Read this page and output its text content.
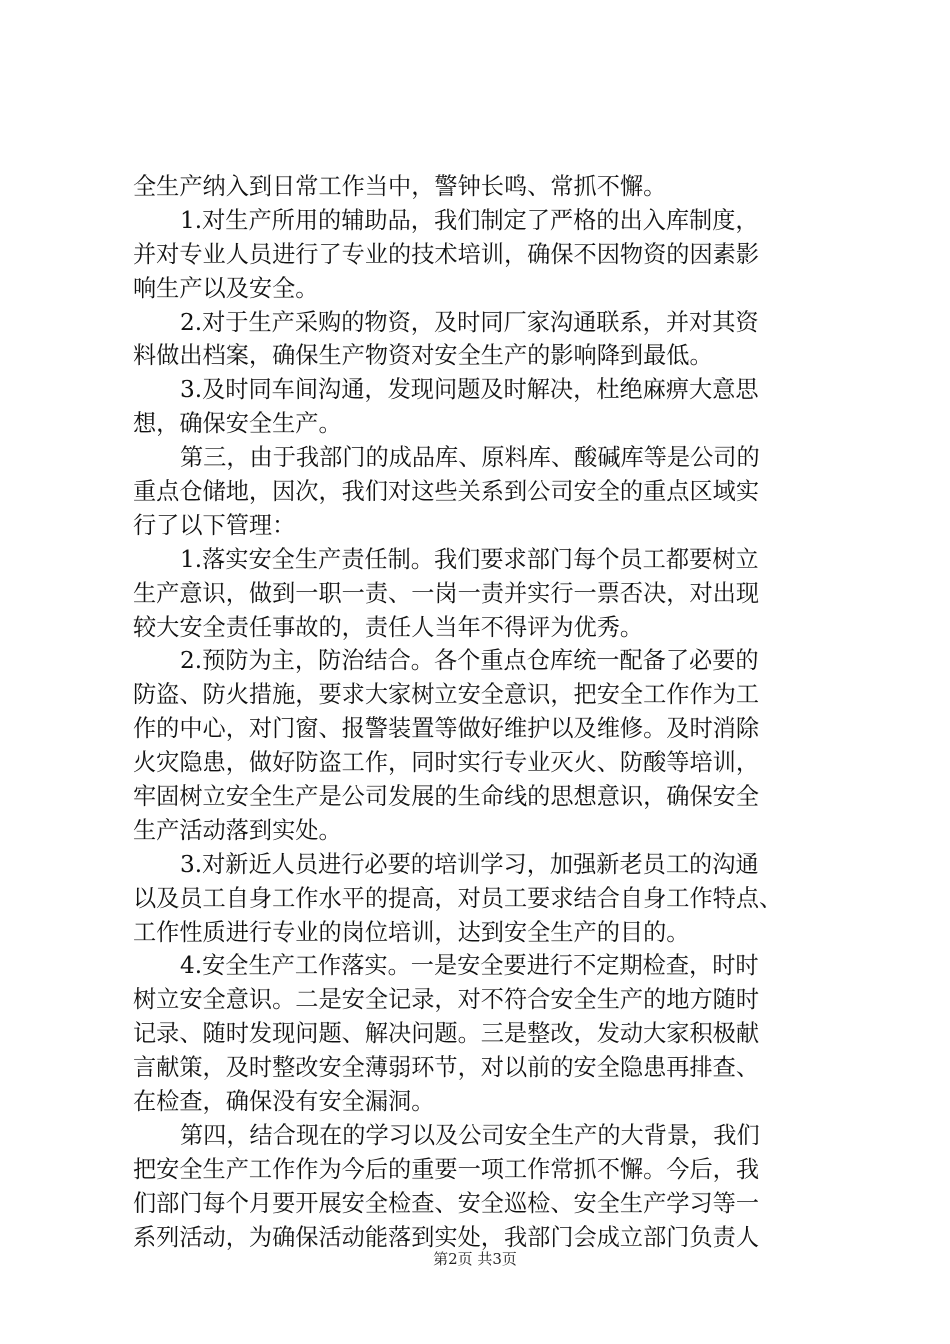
全生产纳入到日常工作当中，警钟长鸣、常抓不懈。
1.对生产所用的辅助品，我们制定了严格的出入库制度，
并对专业人员进行了专业的技术培训，确保不因物资的因素影
响生产以及安全。
2.对于生产采购的物资，及时同厂家沟通联系，并对其资
料做出档案，确保生产物资对安全生产的影响降到最低。
3.及时同车间沟通，发现问题及时解决，杜绝麻痹大意思
想，确保安全生产。
第三，由于我部门的成品库、原料库、酸碱库等是公司的
重点仓储地，因次，我们对这些关系到公司安全的重点区域实
行了以下管理：
1.落实安全生产责任制。我们要求部门每个员工都要树立
生产意识，做到一职一责、一岗一责并实行一票否决，对出现
较大安全责任事故的，责任人当年不得评为优秀。
2.预防为主，防治结合。各个重点仓库统一配备了必要的
防盗、防火措施，要求大家树立安全意识，把安全工作作为工
作的中心，对门窗、报警装置等做好维护以及维修。及时消除
火灾隐患，做好防盗工作，同时实行专业灭火、防酸等培训，
牢固树立安全生产是公司发展的生命线的思想意识，确保安全
生产活动落到实处。
3.对新近人员进行必要的培训学习，加强新老员工的沟通
以及员工自身工作水平的提高，对员工要求结合自身工作特点、
工作性质进行专业的岗位培训，达到安全生产的目的。
4.安全生产工作落实。一是安全要进行不定期检查，时时
树立安全意识。二是安全记录，对不符合安全生产的地方随时
记录、随时发现问题、解决问题。三是整改，发动大家积极献
言献策，及时整改安全薄弱环节，对以前的安全隐患再排查、
在检查，确保没有安全漏洞。
第四，结合现在的学习以及公司安全生产的大背景，我们
把安全生产工作作为今后的重要一项工作常抓不懈。今后，我
们部门每个月要开展安全检查、安全巡检、安全生产学习等一
系列活动，为确保活动能落到实处，我部门会成立部门负责人
第2页 共3页
